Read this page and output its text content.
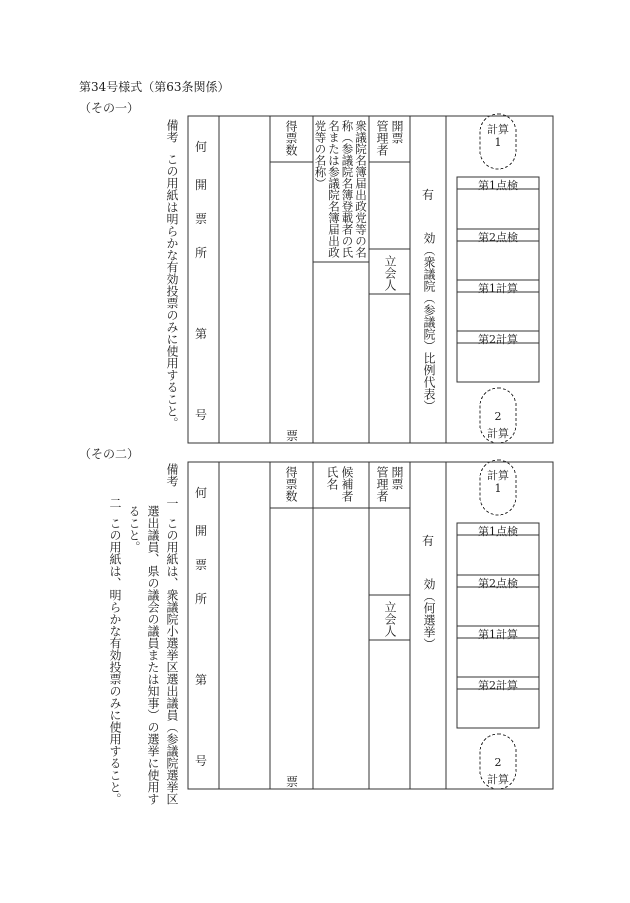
第34号様式（第63条関係）
（その一）
（その二）
備考
この用紙は明らかな有効投票のみに使用すること。
何
開
票
所
第
号
得票数
票
衆議院名簿届出政党等の名称（参議院名簿登載者の氏名または参議院名簿届出政党等の名称）	開票
管理者
立会人
有
効（衆議院（参議院）比例代表）
計算
1
2
計算
第1点検
第2点検
第1計算
第2計算
備考
一
この用紙は、衆議院小選挙区選出議員（参議院選挙区
選出議員、県の議会の議員または知事）の選挙に使用す
ること。
二
この用紙は、明らかな有効投票のみに使用すること。
何
開
票
所
第
号
得票数
票
候補者
氏名	開票
管理者
立会人
有
効（何選挙）
計算
1
2
計算
第1点検
第2点検
第1計算
第2計算
